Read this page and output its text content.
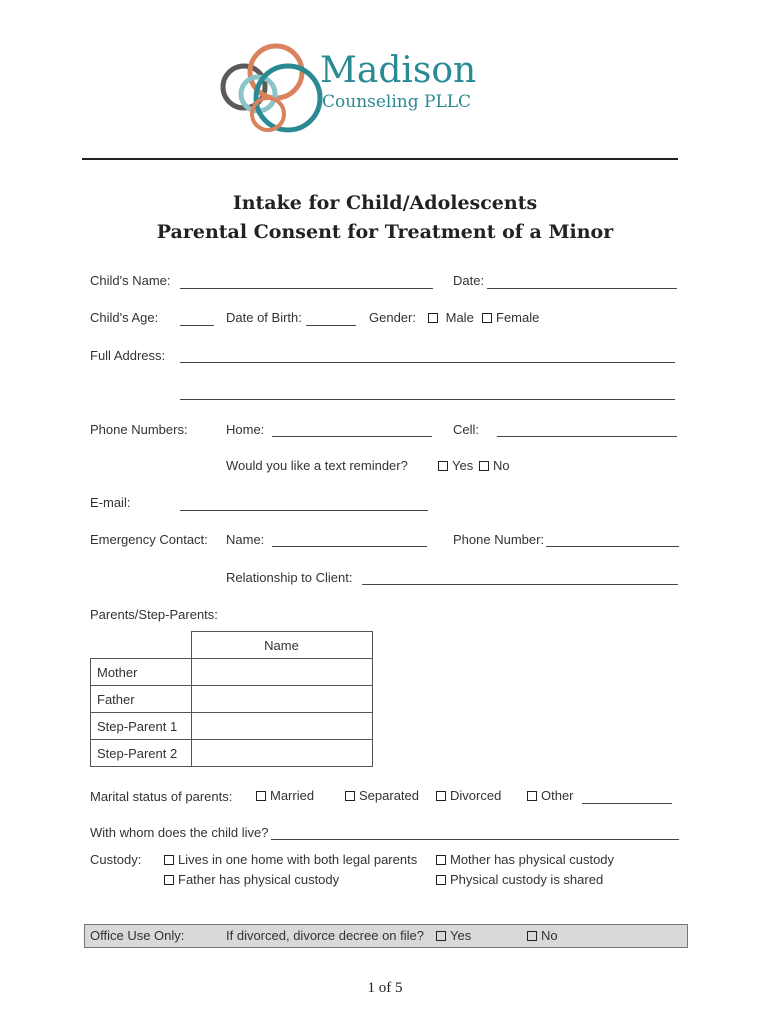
Madison
Counseling PLLC
Intake for Child/Adolescents
Parental Consent for Treatment of a Minor
Child's Name:	Date:
Child's Age:	Date of Birth:	Gender:	Male	Female
Full Address:
Phone Numbers:	Home:	Cell:
Would you like a text reminder?	Yes	No
E-mail:
Emergency Contact: Name:	Phone Number:
Relationship to Client:
Parents/Step-Parents:
	Name
Mother	
Father	
Step-Parent 1	
Step-Parent 2	
Marital status of parents:	Married	Separated	Divorced	Other
With whom does the child live?
Custody:	Lives in one home with both legal parents	Mother has physical custody
Father has physical custody	Physical custody is shared
Office Use Only:	If divorced, divorce decree on file?	Yes	No
1 of 5
